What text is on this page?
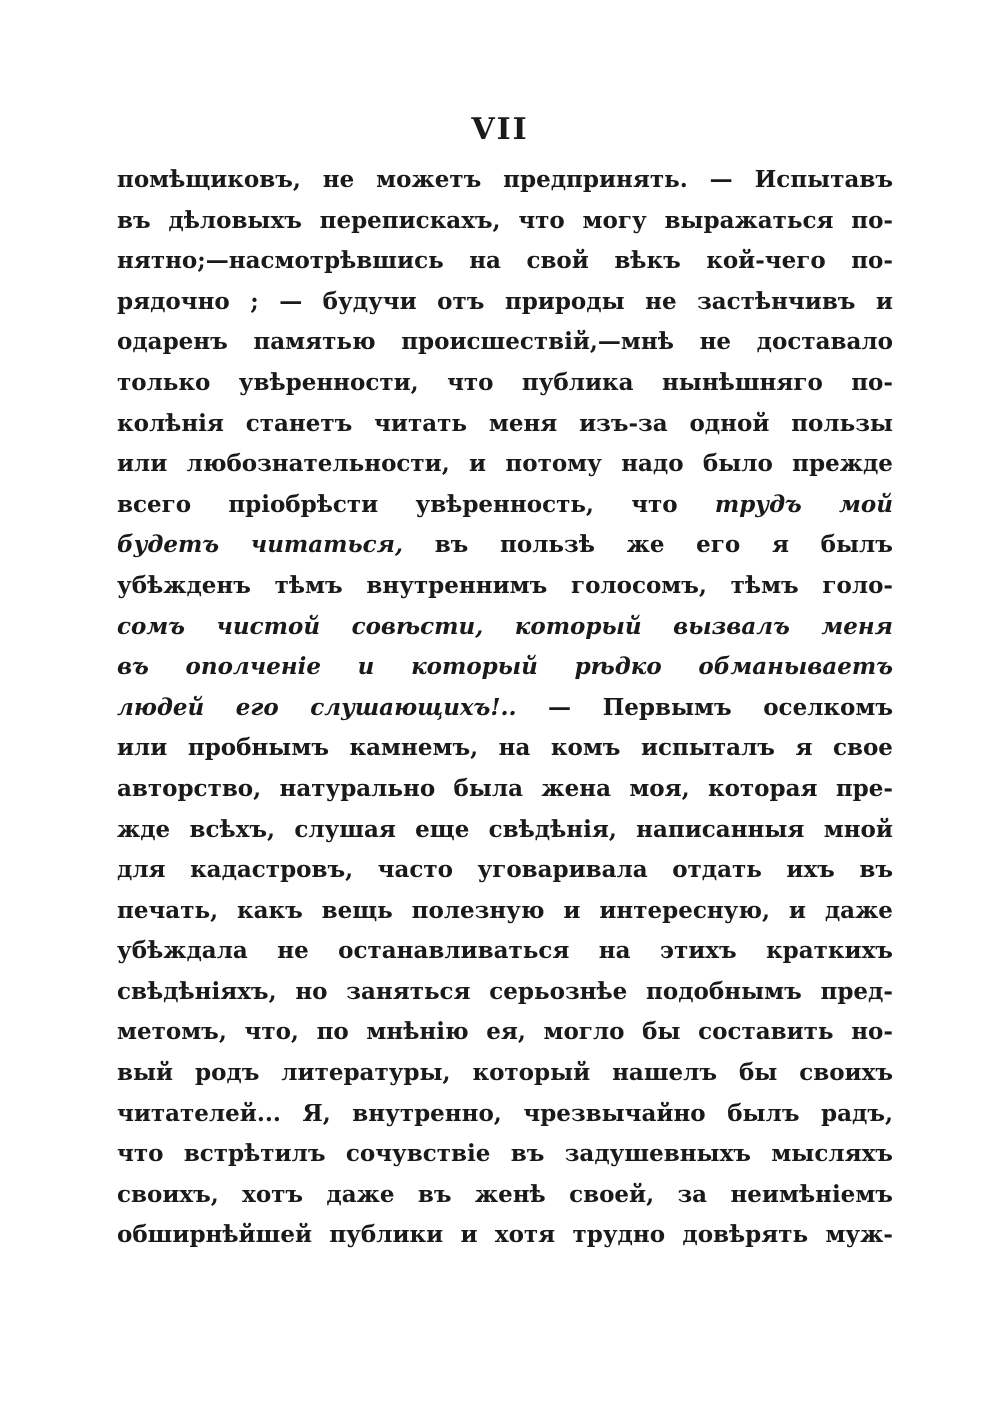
VII
помѣщиковъ, не можетъ предпринять. — Испытавъ
въ дѣловыхъ перепискахъ, что могу выражаться по-
нятно;—насмотрѣвшись на свой вѣкъ кой-чего по-
рядочно ; — будучи отъ природы не застѣнчивъ и
одаренъ памятью происшествій,—мнѣ не доставало
только увѣренности, что публика нынѣшняго по-
колѣнія станетъ читать меня изъ-за одной пользы
или любознательности, и потому надо было прежде
всего пріобрѣсти увѣренность, что трудъ мой
будетъ читаться, въ пользѣ же его я былъ
убѣжденъ тѣмъ внутреннимъ голосомъ, тѣмъ голо-
сомъ чистой совѣсти, который вызвалъ меня
въ ополченіе и который рѣдко обманываетъ
людей его слушающихъ!.. — Первымъ оселкомъ
или пробнымъ камнемъ, на комъ испыталъ я свое
авторство, натурально была жена моя, которая пре-
жде всѣхъ, слушая еще свѣдѣнія, написанныя мной
для кадастровъ, часто уговаривала отдать ихъ въ
печать, какъ вещь полезную и интересную, и даже
убѣждала не останавливаться на этихъ краткихъ
свѣдѣніяхъ, но заняться серьознѣе подобнымъ пред-
метомъ, что, по мнѣнію ея, могло бы составить но-
вый родъ литературы, который нашелъ бы своихъ
читателей... Я, внутренно, чрезвычайно былъ радъ,
что встрѣтилъ сочувствіе въ задушевныхъ мысляхъ
своихъ, хотъ даже въ женѣ своей, за неимѣніемъ
обширнѣйшей публики и хотя трудно довѣрять муж-
